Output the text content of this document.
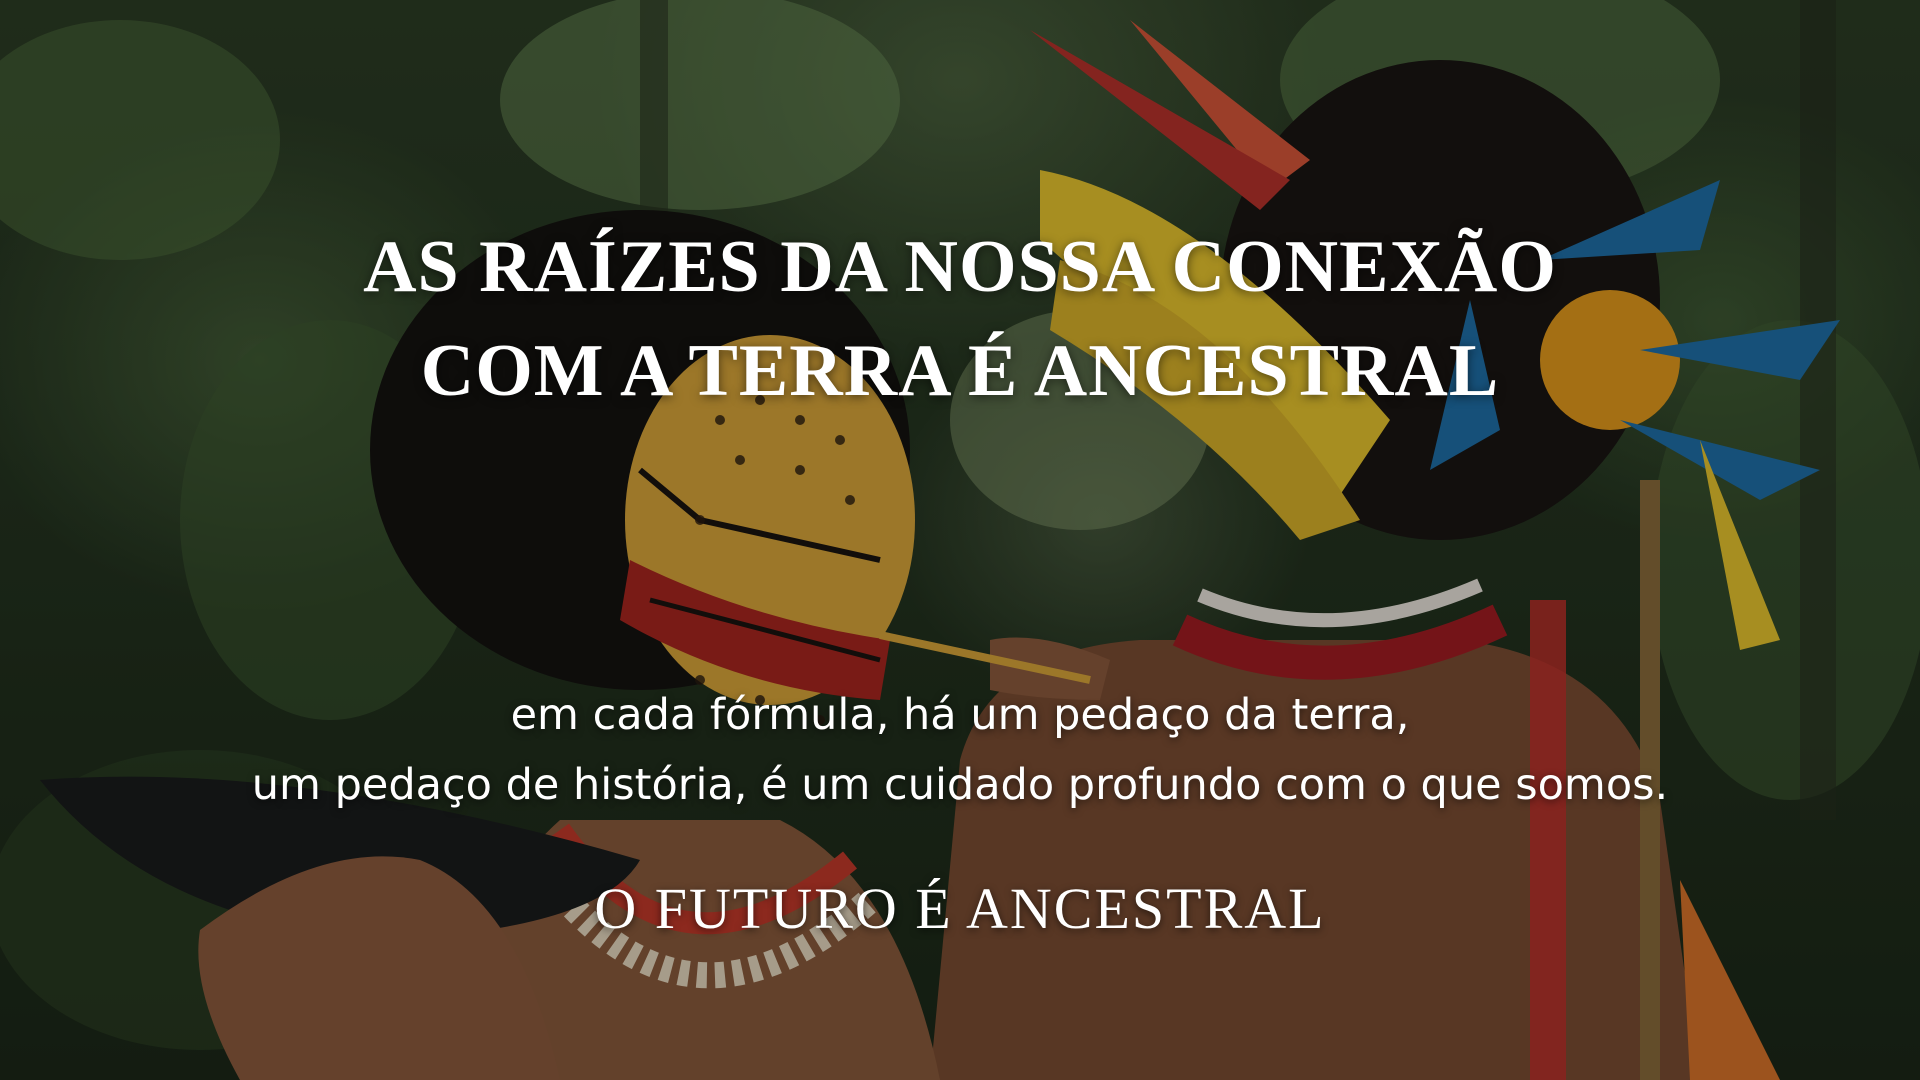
AS RAÍZES DA NOSSA CONEXÃO
COM A TERRA É ANCESTRAL

em cada fórmula, há um pedaço da terra,
um pedaço de história, é um cuidado profundo com o que somos.

O FUTURO É ANCESTRAL
